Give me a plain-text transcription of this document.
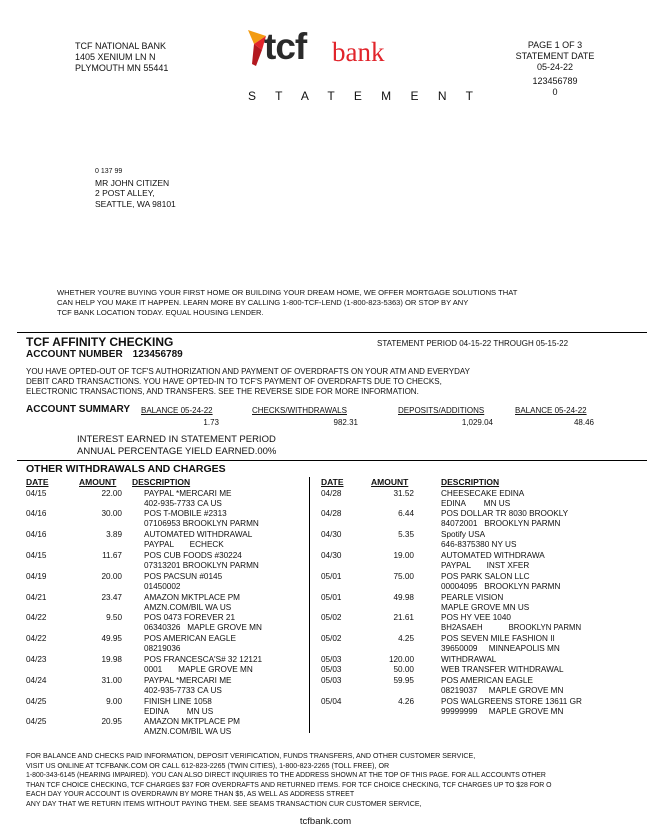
TCF NATIONAL BANK
1405 XENIUM LN N
PLYMOUTH MN 55441
tcf bank
S T A T E M E N T
PAGE 1 OF 3
STATEMENT DATE
05-24-22
123456789
0
0 137 99
MR JOHN CITIZEN
2 POST ALLEY,
SEATTLE, WA 98101
WHETHER YOU'RE BUYING YOUR FIRST HOME OR BUILDING YOUR DREAM HOME, WE OFFER MORTGAGE SOLUTIONS THAT
CAN HELP YOU MAKE IT HAPPEN. LEARN MORE BY CALLING 1-800-TCF-LEND (1-800-823-5363) OR STOP BY ANY
TCF BANK LOCATION TODAY. EQUAL HOUSING LENDER.
TCF AFFINITY CHECKING
ACCOUNT NUMBER 123456789
STATEMENT PERIOD 04-15-22 THROUGH 05-15-22
YOU HAVE OPTED-OUT OF TCF'S AUTHORIZATION AND PAYMENT OF OVERDRAFTS ON YOUR ATM AND EVERYDAY
DEBIT CARD TRANSACTIONS. YOU HAVE OPTED-IN TO TCF'S PAYMENT OF OVERDRAFTS DUE TO CHECKS,
ELECTRONIC TRANSACTIONS, AND TRANSFERS. SEE THE REVERSE SIDE FOR MORE INFORMATION.
ACCOUNT SUMMARY BALANCE 05-24-22	CHECKS/WITHDRAWALS	DEPOSITS/ADDITIONS	BALANCE 05-24-22
1.73	982.31	1,029.04	48.46
INTEREST EARNED IN STATEMENT PERIOD
ANNUAL PERCENTAGE YIELD EARNED.00%
OTHER WITHDRAWALS AND CHARGES
DATE	AMOUNT DESCRIPTION	DATE	AMOUNT	DESCRIPTION
04/15	22.00	PAYPAL *MERCARI ME
402-935-7733 CA US
04/16	30.00	POS T-MOBILE #2313
07106953 BROOKLYN PARMN
04/16	3.89	AUTOMATED WITHDRAWAL
PAYPAL       ECHECK
04/15	11.67	POS CUB FOODS #30224
07313201 BROOKLYN PARMN
04/19	20.00	POS PACSUN #0145
01450002
04/21	23.47	AMAZON MKTPLACE PM
AMZN.COM/BIL WA US
04/22	9.50	POS 0473 FOREVER 21
06340326   MAPLE GROVE MN
04/22	49.95	POS AMERICAN EAGLE
08219036
04/23	19.98	POS FRANCESCA'S# 32 12121
0001       MAPLE GROVE MN
04/24	31.00	PAYPAL *MERCARI ME
402-935-7733 CA US
04/25	9.00	FINISH LINE 1058
EDINA        MN US
04/25	20.95	AMAZON MKTPLACE PM
AMZN.COM/BIL WA US
04/28	31.52	CHEESECAKE EDINA
EDINA        MN US
04/28	6.44	POS DOLLAR TR 8030 BROOKLY
84072001   BROOKLYN PARMN
04/30	5.35	Spotify USA
646-8375380 NY US
04/30	19.00	AUTOMATED WITHDRAWA
PAYPAL       INST XFER
05/01	75.00	POS PARK SALON LLC
00004095   BROOKLYN PARMN
05/01	49.98	PEARLE VISION
MAPLE GROVE MN US
05/02	21.61	POS HY VEE 1040
BH2ASAEH            BROOKLYN PARMN
05/02	4.25	POS SEVEN MILE FASHION II
39650009     MINNEAPOLIS MN
05/03	120.00	WITHDRAWAL
05/03	50.00	WEB TRANSFER WITHDRAWAL
05/03	59.95	POS AMERICAN EAGLE
08219037     MAPLE GROVE MN
05/04	4.26	POS WALGREENS STORE 13611 GR
99999999     MAPLE GROVE MN
FOR BALANCE AND CHECKS PAID INFORMATION, DEPOSIT VERIFICATION, FUNDS TRANSFERS, AND OTHER CUSTOMER SERVICE,
VISIT US ONLINE AT TCFBANK.COM OR CALL 612-823-2265 (TWIN CITIES), 1-800-823-2265 (TOLL FREE), OR
1-800-343-6145 (HEARING IMPAIRED). YOU CAN ALSO DIRECT INQUIRIES TO THE ADDRESS SHOWN AT THE TOP OF THIS PAGE. FOR ALL ACCOUNTS OTHER
THAN TCF CHOICE CHECKING, TCF CHARGES $37 FOR OVERDRAFTS AND RETURNED ITEMS. FOR TCF CHOICE CHECKING, TCF CHARGES UP TO $28 FOR O
EACH DAY YOUR ACCOUNT IS OVERDRAWN BY MORE THAN $5, AS WELL AS ADDRESS STREET
ANY DAY THAT WE RETURN ITEMS WITHOUT PAYING THEM. SEE SEAMS TRANSACTION CUR CUSTOMER SERVICE,
tcfbank.com
